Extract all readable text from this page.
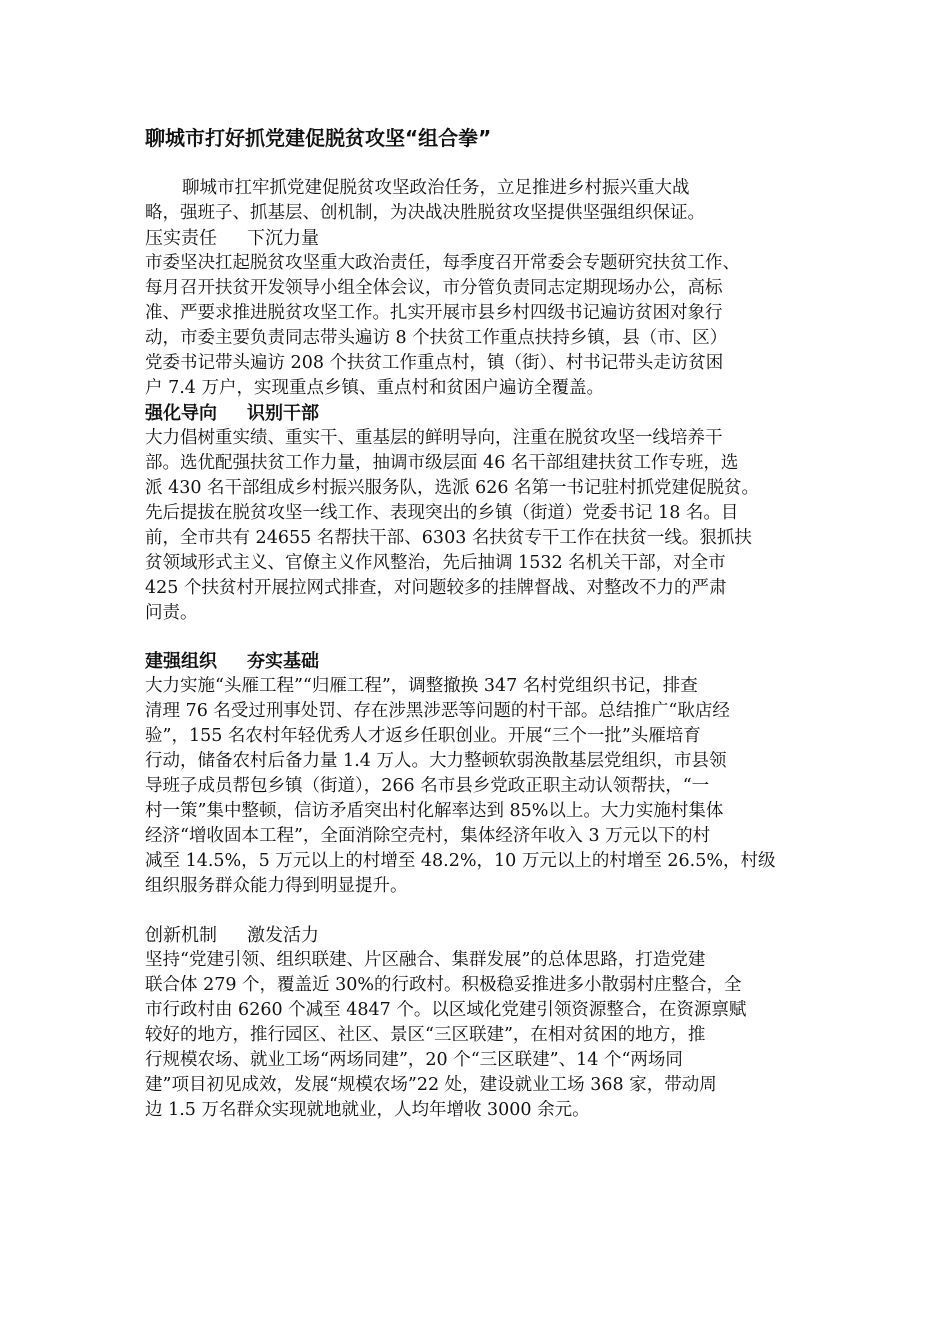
聊城市打好抓党建促脱贫攻坚“组合拳”
聊城市扛牢抓党建促脱贫攻坚政治任务，立足推进乡村振兴重大战
略，强班子、抓基层、创机制，为决战决胜脱贫攻坚提供坚强组织保证。
压实责任 下沉力量
市委坚决扛起脱贫攻坚重大政治责任，每季度召开常委会专题研究扶贫工作、
每月召开扶贫开发领导小组全体会议，市分管负责同志定期现场办公，高标
准、严要求推进脱贫攻坚工作。扎实开展市县乡村四级书记遍访贫困对象行
动，市委主要负责同志带头遍访 8 个扶贫工作重点扶持乡镇，县（市、区）
党委书记带头遍访 208 个扶贫工作重点村，镇（街）、村书记带头走访贫困
户 7.4 万户，实现重点乡镇、重点村和贫困户遍访全覆盖。
强化导向 识别干部
大力倡树重实绩、重实干、重基层的鲜明导向，注重在脱贫攻坚一线培养干
部。选优配强扶贫工作力量，抽调市级层面 46 名干部组建扶贫工作专班，选
派 430 名干部组成乡村振兴服务队，选派 626 名第一书记驻村抓党建促脱贫。
先后提拔在脱贫攻坚一线工作、表现突出的乡镇（街道）党委书记 18 名。目
前，全市共有 24655 名帮扶干部、6303 名扶贫专干工作在扶贫一线。狠抓扶
贫领域形式主义、官僚主义作风整治，先后抽调 1532 名机关干部，对全市
425 个扶贫村开展拉网式排查，对问题较多的挂牌督战、对整改不力的严肃
问责。
建强组织 夯实基础
大力实施“头雁工程”“归雁工程”，调整撤换 347 名村党组织书记，排查
清理 76 名受过刑事处罚、存在涉黑涉恶等问题的村干部。总结推广“耿店经
验”，155 名农村年轻优秀人才返乡任职创业。开展“三个一批”头雁培育
行动，储备农村后备力量 1.4 万人。大力整顿软弱涣散基层党组织，市县领
导班子成员帮包乡镇（街道），266 名市县乡党政正职主动认领帮扶，“一
村一策”集中整顿，信访矛盾突出村化解率达到 85%以上。大力实施村集体
经济“增收固本工程”，全面消除空壳村，集体经济年收入 3 万元以下的村
减至 14.5%，5 万元以上的村增至 48.2%，10 万元以上的村增至 26.5%，村级
组织服务群众能力得到明显提升。
创新机制 激发活力
坚持“党建引领、组织联建、片区融合、集群发展”的总体思路，打造党建
联合体 279 个，覆盖近 30%的行政村。积极稳妥推进多小散弱村庄整合，全
市行政村由 6260 个减至 4847 个。以区域化党建引领资源整合，在资源禀赋
较好的地方，推行园区、社区、景区“三区联建”，在相对贫困的地方，推
行规模农场、就业工场“两场同建”，20 个“三区联建”、14 个“两场同
建”项目初见成效，发展“规模农场”22 处，建设就业工场 368 家，带动周
边 1.5 万名群众实现就地就业，人均年增收 3000 余元。
